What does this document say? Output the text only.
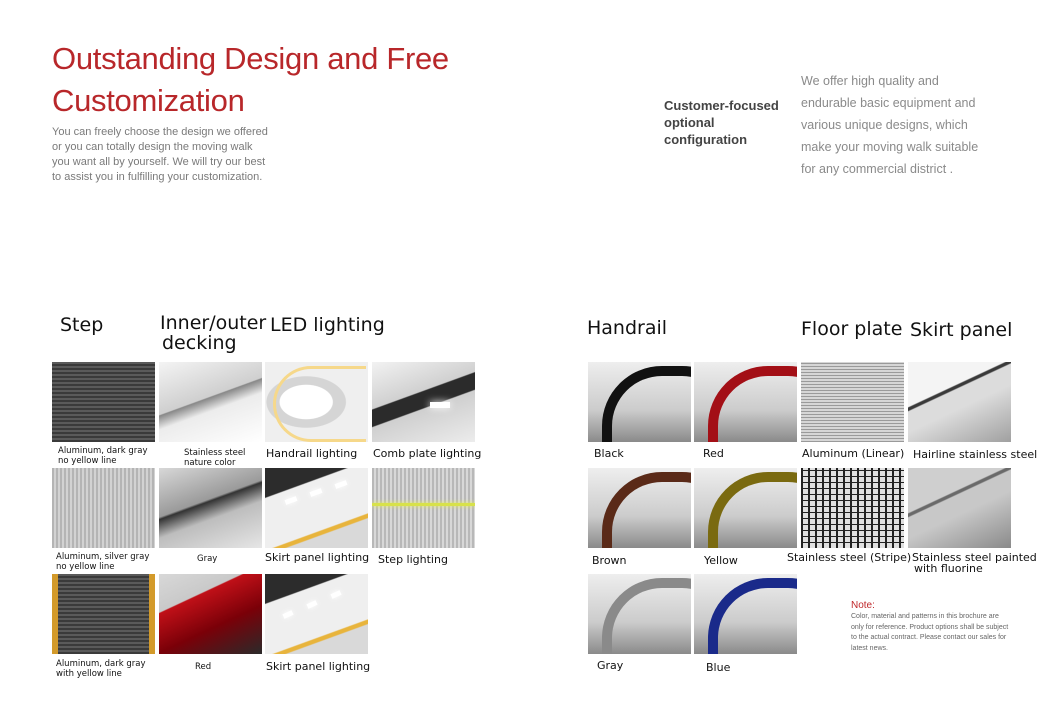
Outstanding Design and Free
Customization
You can freely choose the design we offered
or you can totally design the moving walk
you want all by yourself. We will try our best
to assist you in fulfilling your customization.
Customer-focused
optional
configuration
We offer high quality and
endurable basic equipment and
various unique designs, which
make your moving walk suitable
for any commercial district .
Step	Inner/outer
decking
LED lighting	Handrail	Floor plate Skirt panel
Aluminum, dark gray
no yellow line
Aluminum, silver gray
no yellow line
Aluminum, dark gray
with yellow line
Stainless steel
nature color
Gray
Red
Handrail lighting
Skirt panel lighting
Skirt panel lighting
Comb plate lighting
Step lighting
Black	Red
Brown	Yellow
Gray	Blue
Aluminum (Linear)
Stainless steel (Stripe)
Hairline stainless steel
Stainless steel painted
with fluorine
Note:
Color, material and patterns in this brochure are
only for reference. Product options shall be subject
to the actual contract. Please contact our sales for
latest news.
